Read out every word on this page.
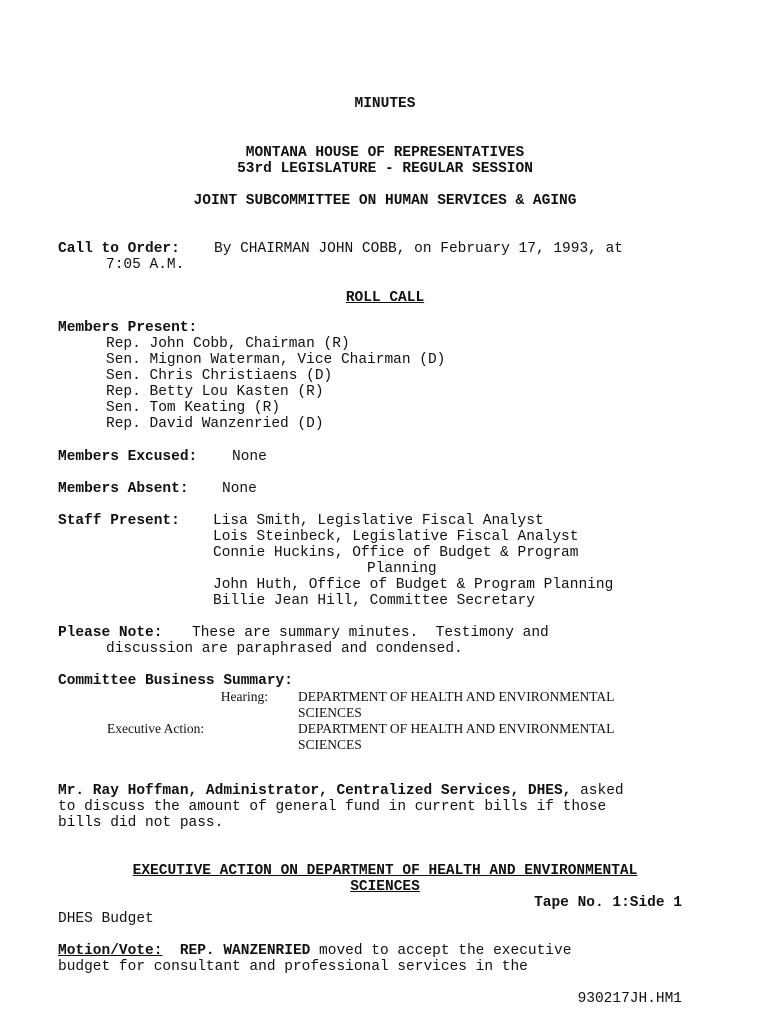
MINUTES
MONTANA HOUSE OF REPRESENTATIVES
53rd LEGISLATURE - REGULAR SESSION
JOINT SUBCOMMITTEE ON HUMAN SERVICES & AGING
Call to Order: By CHAIRMAN JOHN COBB, on February 17, 1993, at
7:05 A.M.
ROLL CALL
Members Present:
Rep. John Cobb, Chairman (R)
Sen. Mignon Waterman, Vice Chairman (D)
Sen. Chris Christiaens (D)
Rep. Betty Lou Kasten (R)
Sen. Tom Keating (R)
Rep. David Wanzenried (D)
Members Excused: None
Members Absent: None
Staff Present: Lisa Smith, Legislative Fiscal Analyst
Lois Steinbeck, Legislative Fiscal Analyst
Connie Huckins, Office of Budget & Program
Planning
John Huth, Office of Budget & Program Planning
Billie Jean Hill, Committee Secretary
Please Note: These are summary minutes.  Testimony and
discussion are paraphrased and condensed.
Committee Business Summary:
Hearing: DEPARTMENT OF HEALTH AND ENVIRONMENTAL
SCIENCES
Executive Action:	DEPARTMENT OF HEALTH AND ENVIRONMENTAL
SCIENCES
Mr. Ray Hoffman, Administrator, Centralized Services, DHES, asked
to discuss the amount of general fund in current bills if those
bills did not pass.
EXECUTIVE ACTION ON DEPARTMENT OF HEALTH AND ENVIRONMENTAL
SCIENCES
Tape No. 1:Side 1
DHES Budget
Motion/Vote: REP. WANZENRIED moved to accept the executive
budget for consultant and professional services in the
930217JH.HM1
